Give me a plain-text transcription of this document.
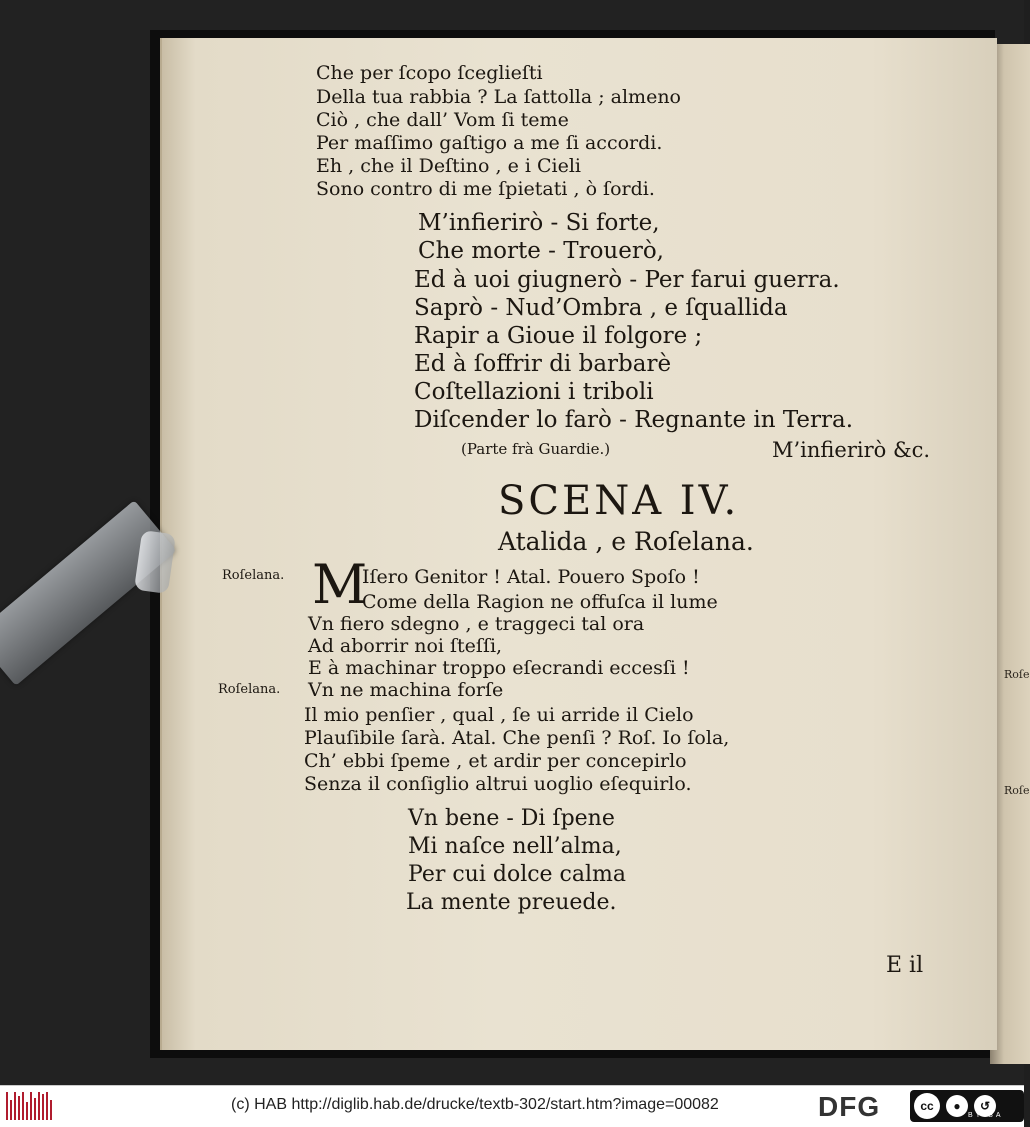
Roſe
Roſe
Che per ſcopo ſceglieſti
Della tua rabbia ? La ſattolla ; almeno
Ciò , che dall’ Vom ſi teme
Per maſſimo gaſtigo a me ſi accordi.
Eh , che il Deſtino , e i Cieli
Sono contro di me ſpietati , ò ſordi.
M’infierirò - Si forte,
Che morte - Trouerò,
Ed à uoi giugnerò - Per farui guerra.
Saprò - Nud’Ombra , e ſquallida
Rapir a Gioue il folgore ;
Ed à ſoffrir di barbarè
Coſtellazioni i triboli
Diſcender lo farò - Regnante in Terra.
(Parte frà Guardie.)	M’infierirò &c.
SCENA IV.
Atalida , e Roſelana.
Roſelana. M
Iſero Genitor ! Atal. Pouero Spoſo !
Come della Ragion ne offuſca il lume
Vn fiero sdegno , e traggeci tal ora
Ad aborrir noi ſteſſi,
E à machinar troppo eſecrandi eccesſi !
Roſelana. Vn ne machina forſe
Il mio penſier , qual , ſe ui arride il Cielo
Plauſibile ſarà. Atal. Che penſi ? Roſ. Io ſola,
Ch’ ebbi ſpeme , et ardir per concepirlo
Senza il conſiglio altrui uoglio eſequirlo.
Vn bene - Di ſpene
Mi naſce nell’alma,
Per cui dolce calma
La mente preuede.
E il
(c) HAB http://diglib.hab.de/drucke/textb-302/start.htm?image=00082	DFG	cc	●	↺
BY SA
